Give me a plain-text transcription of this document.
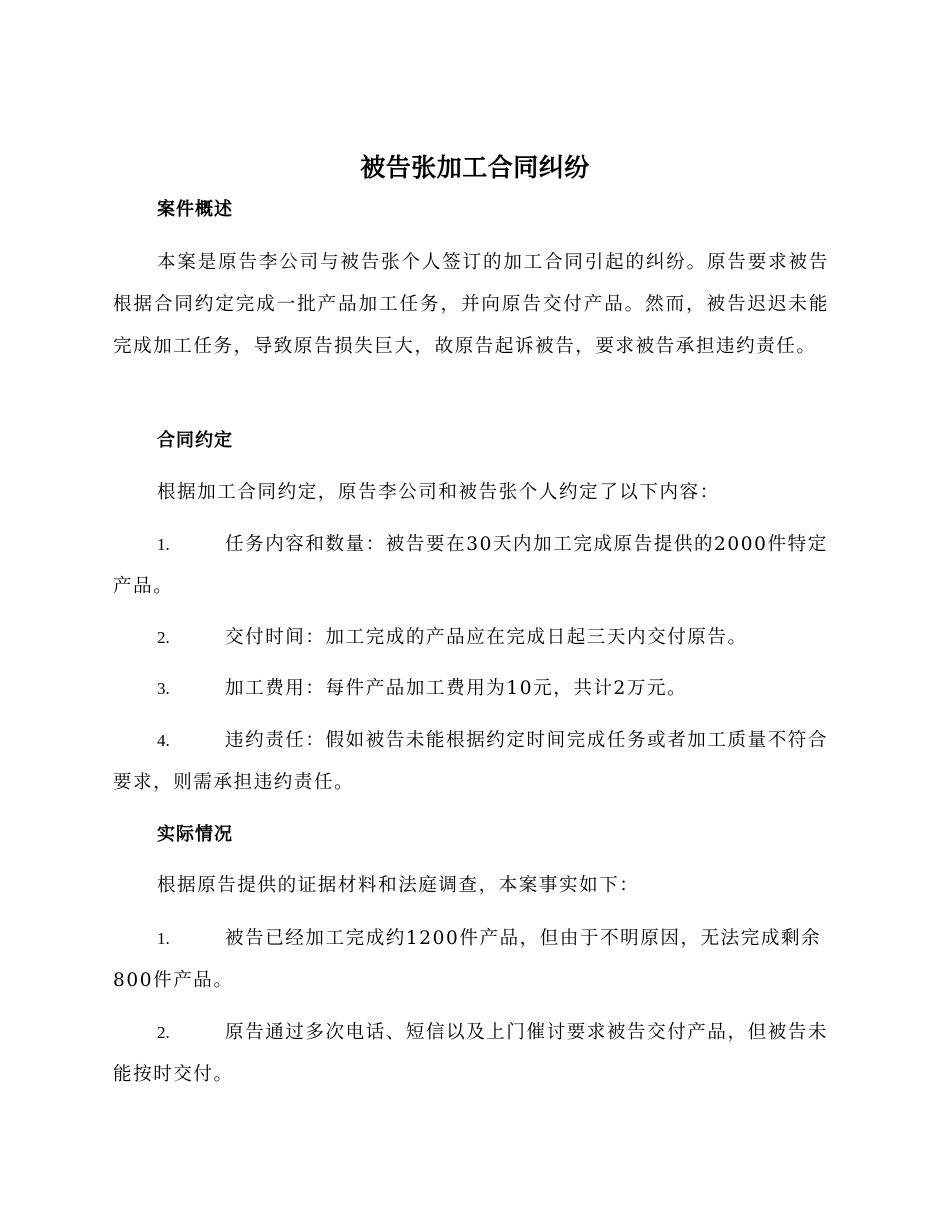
被告张加工合同纠纷
案件概述
本案是原告李公司与被告张个人签订的加工合同引起的纠纷。原告要求被告根据合同约定完成一批产品加工任务，并向原告交付产品。然而，被告迟迟未能完成加工任务，导致原告损失巨大，故原告起诉被告，要求被告承担违约责任。
合同约定
根据加工合同约定，原告李公司和被告张个人约定了以下内容：
1.	任务内容和数量：被告要在30天内加工完成原告提供的2000件特定产品。
2.	交付时间：加工完成的产品应在完成日起三天内交付原告。
3.	加工费用：每件产品加工费用为10元，共计2万元。
4.	违约责任：假如被告未能根据约定时间完成任务或者加工质量不符合要求，则需承担违约责任。
实际情况
根据原告提供的证据材料和法庭调查，本案事实如下：
1.	被告已经加工完成约1200件产品，但由于不明原因，无法完成剩余800件产品。
2.	原告通过多次电话、短信以及上门催讨要求被告交付产品，但被告未能按时交付。
